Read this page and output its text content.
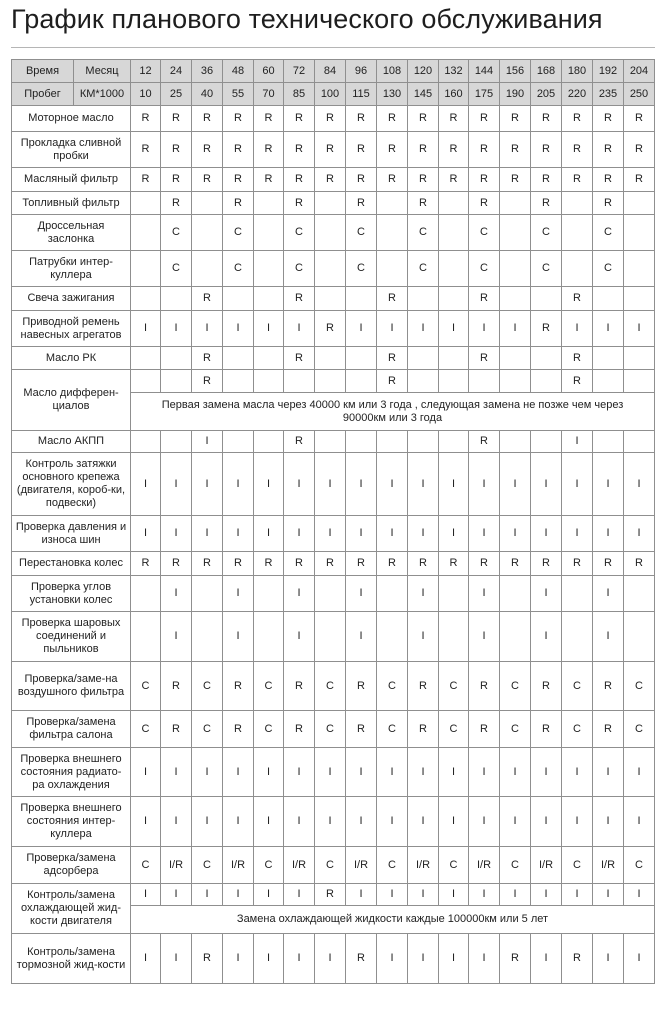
График планового технического обслуживания
Время	Месяц	12	24	36	48	60	72	84	96	108	120	132	144	156	168	180	192	204
Пробег	КМ*1000	10	25	40	55	70	85	100	115	130	145	160	175	190	205	220	235	250
Моторное масло		R	R	R	R	R	R	R	R	R	R	R	R	R	R	R	R	R
Прокладка сливной пробки		R	R	R	R	R	R	R	R	R	R	R	R	R	R	R	R	R
Масляный фильтр		R	R	R	R	R	R	R	R	R	R	R	R	R	R	R	R	R
Топливный фильтр			R		R		R		R		R		R		R		R	
Дроссельная заслонка			C		C		C		C		C		C		C		C	
Патрубки интер-куллера			C		C		C		C		C		C		C		C	
Свеча зажигания				R			R			R			R			R		
Приводной ремень навесных агрегатов		I	I	I	I	I	I	R	I	I	I	I	I	I	R	I	I	I
Масло РК				R			R			R			R			R		
Масло дифферен-циалов				R						R						R		
		Первая замена масла через 40000 км или 3 года , следующая замена не позже чем через 90000км или 3 года																
Масло АКПП				I			R						R			I		
Контроль затяжки основного крепежа (двигателя, короб-ки, подвески)		I	I	I	I	I	I	I	I	I	I	I	I	I	I	I	I	I
Проверка давления и износа шин		I	I	I	I	I	I	I	I	I	I	I	I	I	I	I	I	I
Перестановка колес		R	R	R	R	R	R	R	R	R	R	R	R	R	R	R	R	R
Проверка углов установки колес			I		I		I		I		I		I		I		I	
Проверка шаровых соединений и пыльников			I		I		I		I		I		I		I		I	
Проверка/заме-на воздушного фильтра		C	R	C	R	C	R	C	R	C	R	C	R	C	R	C	R	C
Проверка/замена фильтра салона		C	R	C	R	C	R	C	R	C	R	C	R	C	R	C	R	C
Проверка внешнего состояния радиато-ра охлаждения		I	I	I	I	I	I	I	I	I	I	I	I	I	I	I	I	I
Проверка внешнего состояния интер-куллера		I	I	I	I	I	I	I	I	I	I	I	I	I	I	I	I	I
Проверка/замена адсорбера		C	I/R	C	I/R	C	I/R	C	I/R	C	I/R	C	I/R	C	I/R	C	I/R	C
Контроль/замена охлаждающей жид-кости двигателя		I	I	I	I	I	I	R	I	I	I	I	I	I	I	I	I	I
		Замена охлаждающей жидкости каждые 100000км или 5 лет																
Контроль/замена тормозной жид-кости		I	I	R	I	I	I	I	R	I	I	I	I	R	I	R	I	I
